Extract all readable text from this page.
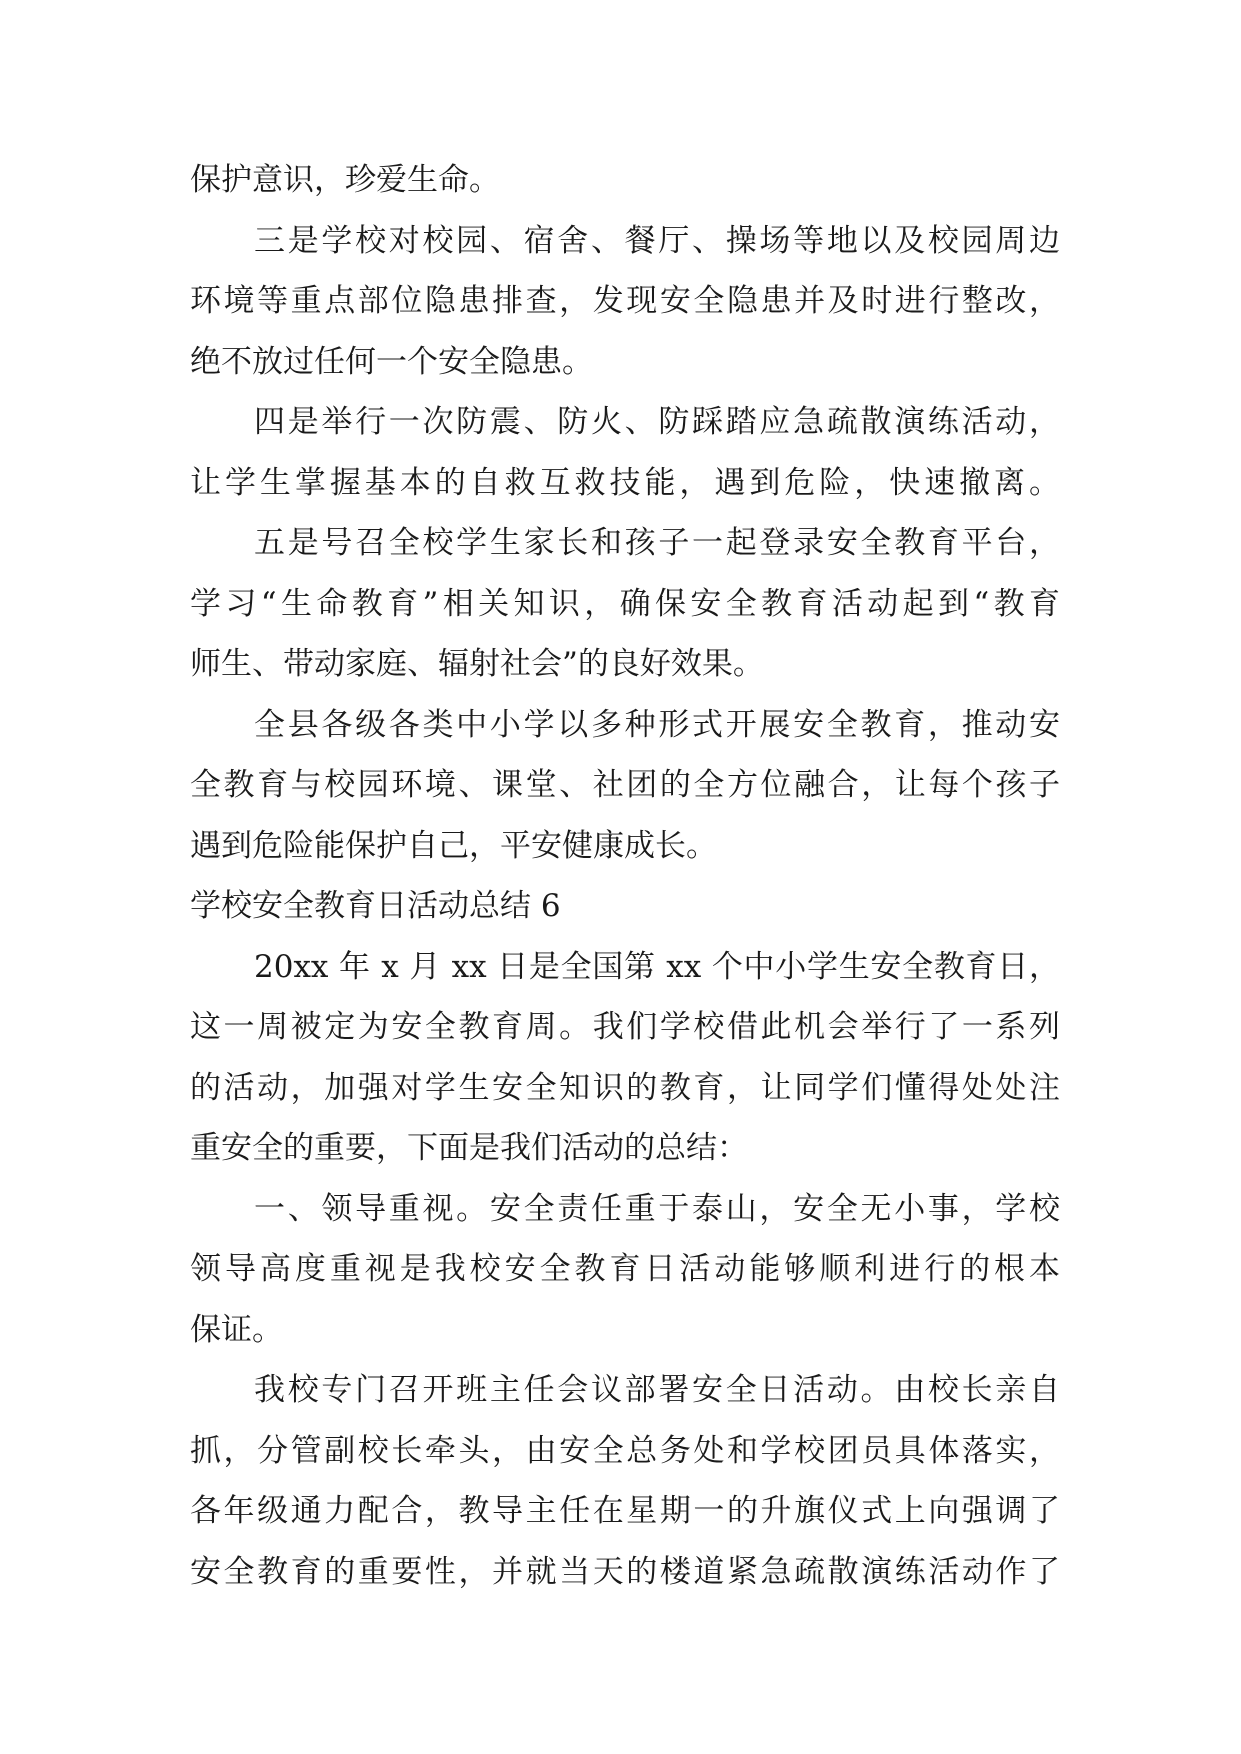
保护意识，珍爱生命。
三是学校对校园、宿舍、餐厅、操场等地以及校园周边
环境等重点部位隐患排查，发现安全隐患并及时进行整改，
绝不放过任何一个安全隐患。
四是举行一次防震、防火、防踩踏应急疏散演练活动，
让学生掌握基本的自救互救技能，遇到危险，快速撤离。
五是号召全校学生家长和孩子一起登录安全教育平台，
学习“生命教育”相关知识，确保安全教育活动起到“教育
师生、带动家庭、辐射社会”的良好效果。
全县各级各类中小学以多种形式开展安全教育，推动安
全教育与校园环境、课堂、社团的全方位融合，让每个孩子
遇到危险能保护自己，平安健康成长。
学校安全教育日活动总结 6
20xx 年 x 月 xx 日是全国第 xx 个中小学生安全教育日，
这一周被定为安全教育周。我们学校借此机会举行了一系列
的活动，加强对学生安全知识的教育，让同学们懂得处处注
重安全的重要，下面是我们活动的总结：
一、领导重视。安全责任重于泰山，安全无小事，学校
领导高度重视是我校安全教育日活动能够顺利进行的根本
保证。
我校专门召开班主任会议部署安全日活动。由校长亲自
抓，分管副校长牵头，由安全总务处和学校团员具体落实，
各年级通力配合，教导主任在星期一的升旗仪式上向强调了
安全教育的重要性，并就当天的楼道紧急疏散演练活动作了
